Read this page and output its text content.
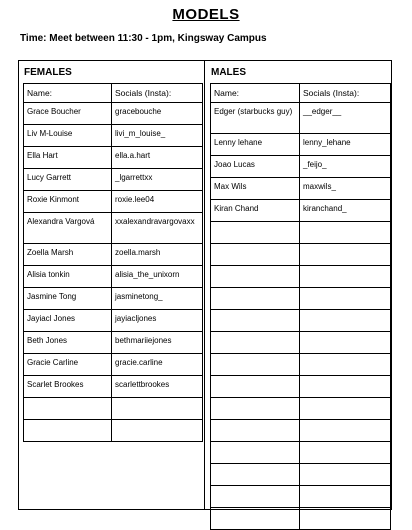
MODELS
Time: Meet between 11:30 - 1pm, Kingsway Campus
FEMALES	MALES
Name:	Socials (Insta):
Grace Boucher	gracebouche
Liv M-Louise	livi_m_louise_
Ella Hart	ella.a.hart
Lucy Garrett	_lgarrettxx
Roxie Kinmont	roxie.lee04
Alexandra Vargová	xxalexandravargovaxx
Zoella Marsh	zoella.marsh
Alisia tonkin	alisia_the_unixorn
Jasmine Tong	jasminetong_
Jayiacl Jones	jayiacljones
Beth Jones	bethmariiejones
Gracie Carline	gracie.carline
Scarlet Brookes	scarlettbrookes

Name:	Socials (Insta):
Edger (starbucks guy)	__edger__
Lenny lehane	lenny_lehane
Joao Lucas	_feijo_
Max Wils	maxwils_
Kiran Chand	kiranchand_
